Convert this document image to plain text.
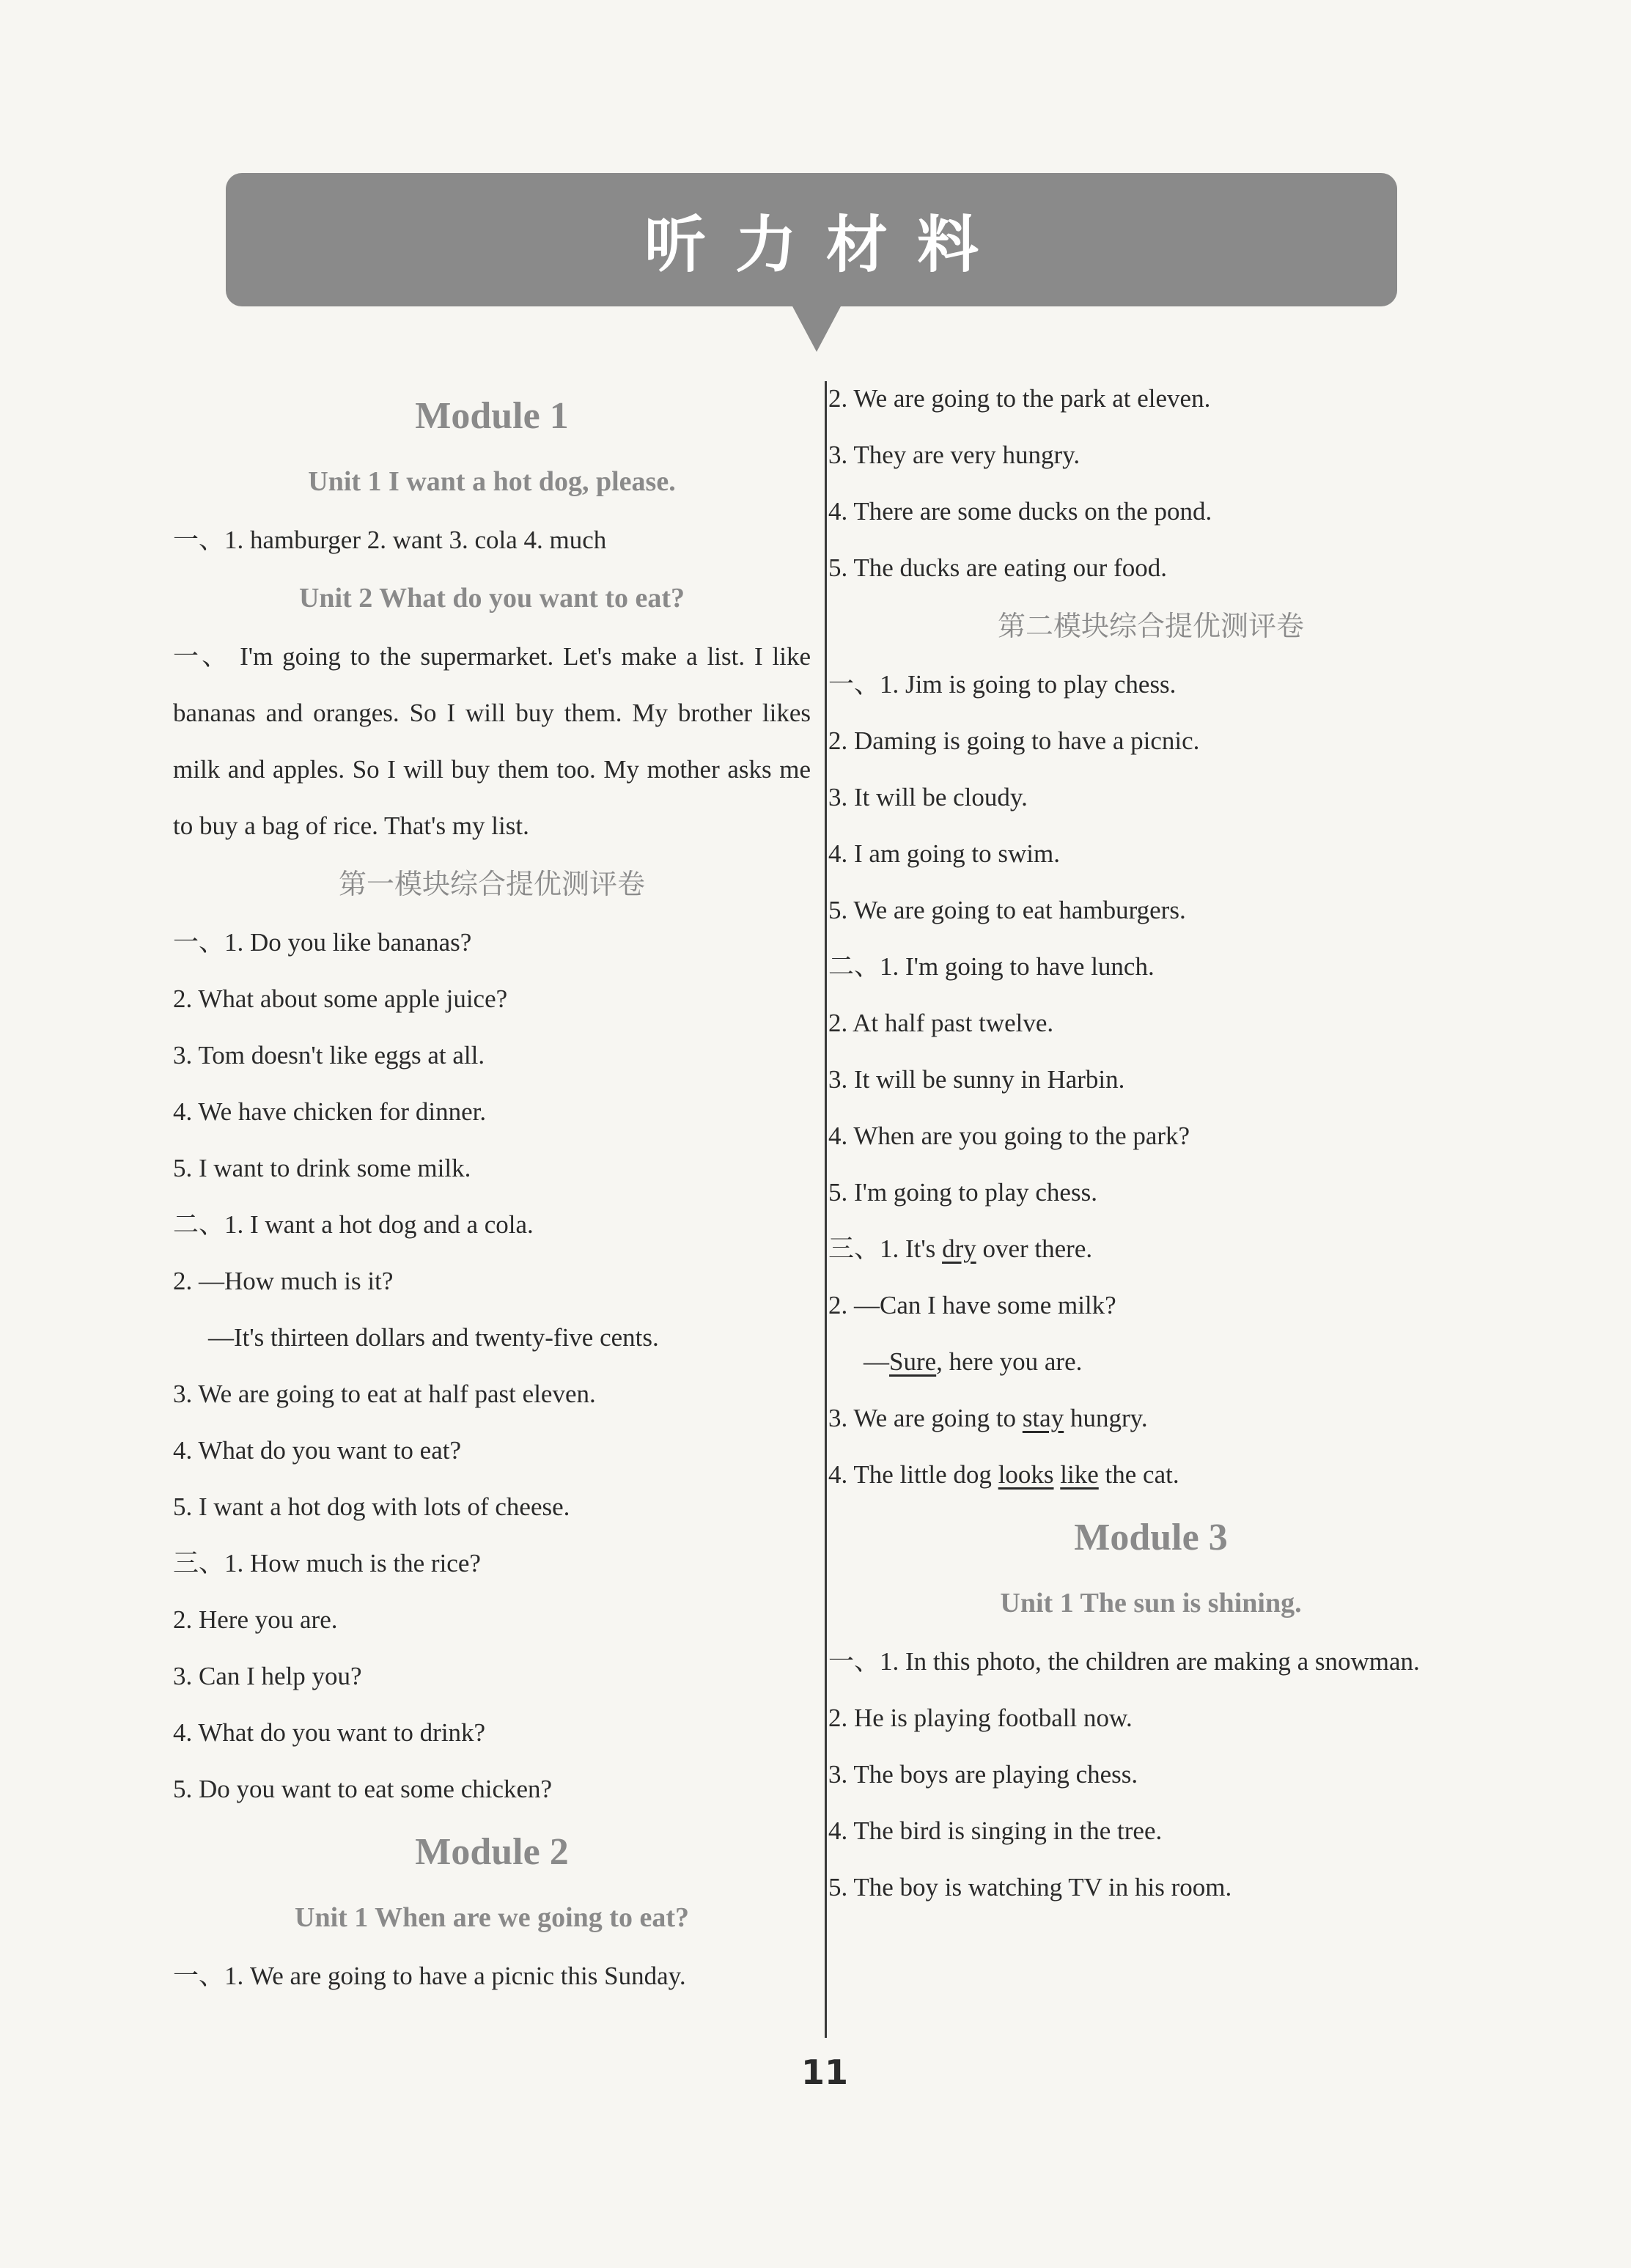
听力材料
Module 1
Unit 1 I want a hot dog, please.
一、1. hamburger 2. want 3. cola 4. much
Unit 2 What do you want to eat?
一、 I'm going to the supermarket. Let's make a list. I like bananas and oranges. So I will buy them. My brother likes milk and apples. So I will buy them too. My mother asks me to buy a bag of rice. That's my list.
第一模块综合提优测评卷
一、1. Do you like bananas?
2. What about some apple juice?
3. Tom doesn't like eggs at all.
4. We have chicken for dinner.
5. I want to drink some milk.
二、1. I want a hot dog and a cola.
2. —How much is it?
—It's thirteen dollars and twenty-five cents.
3. We are going to eat at half past eleven.
4. What do you want to eat?
5. I want a hot dog with lots of cheese.
三、1. How much is the rice?
2. Here you are.
3. Can I help you?
4. What do you want to drink?
5. Do you want to eat some chicken?
Module 2
Unit 1 When are we going to eat?
一、1. We are going to have a picnic this Sunday.
2. We are going to the park at eleven.
3. They are very hungry.
4. There are some ducks on the pond.
5. The ducks are eating our food.
第二模块综合提优测评卷
一、1. Jim is going to play chess.
2. Daming is going to have a picnic.
3. It will be cloudy.
4. I am going to swim.
5. We are going to eat hamburgers.
二、1. I'm going to have lunch.
2. At half past twelve.
3. It will be sunny in Harbin.
4. When are you going to the park?
5. I'm going to play chess.
三、1. It's dry over there.
2. —Can I have some milk?
—Sure, here you are.
3. We are going to stay hungry.
4. The little dog looks like the cat.
Module 3
Unit 1 The sun is shining.
一、1. In this photo, the children are making a snowman.
2. He is playing football now.
3. The boys are playing chess.
4. The bird is singing in the tree.
5. The boy is watching TV in his room.
11
